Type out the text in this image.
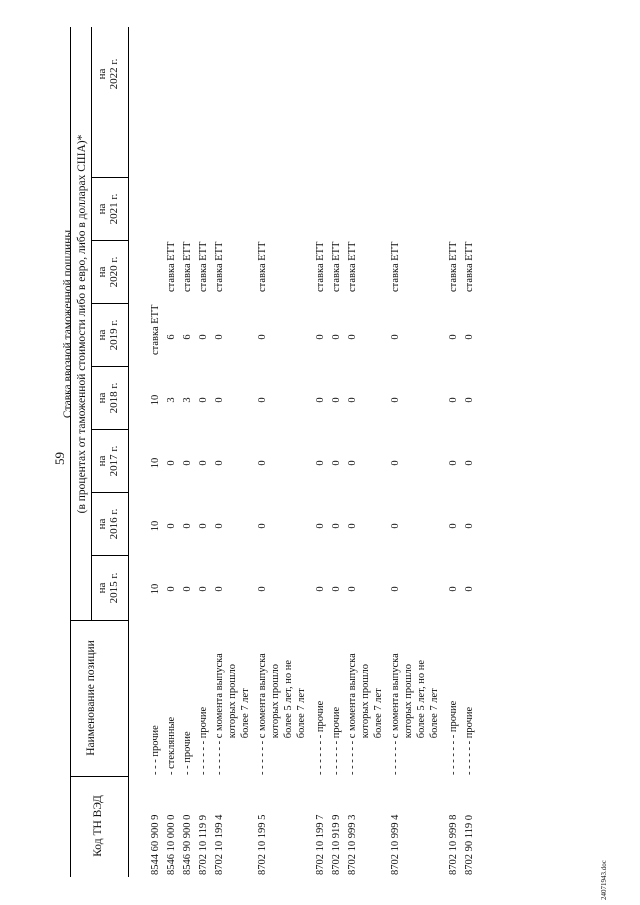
59
Код ТН ВЭД
Наименование позиции
Ставка ввозной таможенной пошлины (в процентах от таможенной стоимости либо в евро, либо в долларах США)*
на 2015 г.
на 2016 г.
на 2017 г.
на 2018 г.
на 2019 г.
на 2020 г.
на 2021 г.
на 2022 г.
8544 60 900 9
- - - прочие
10
10
10
10
ставка ЕТТ
8546 10 000 0
- стеклянные
0
0
0
3
6
ставка ЕТТ
8546 90 900 0
- - прочие
0
0
0
3
6
ставка ЕТТ
8702 10 119 9
- - - - - - прочие
0
0
0
0
0
ставка ЕТТ
8702 10 199 4
- - - - - - с момента выпуска
которых прошло
более 7 лет
0
0
0
0
0
ставка ЕТТ
8702 10 199 5
- - - - - - с момента выпуска
которых прошло
более 5 лет, но не
более 7 лет
0
0
0
0
0
ставка ЕТТ
8702 10 199 7
- - - - - - - прочие
0
0
0
0
0
ставка ЕТТ
8702 10 919 9
- - - - - - прочие
0
0
0
0
0
ставка ЕТТ
8702 10 999 3
- - - - - - с момента выпуска
которых прошло
более 7 лет
0
0
0
0
0
ставка ЕТТ
8702 10 999 4
- - - - - - с момента выпуска
которых прошло
более 5 лет, но не
более 7 лет
0
0
0
0
0
ставка ЕТТ
8702 10 999 8
- - - - - - - прочие
0
0
0
0
0
ставка ЕТТ
8702 90 119 0
- - - - - - прочие
0
0
0
0
0
ставка ЕТТ
24071943.doc
